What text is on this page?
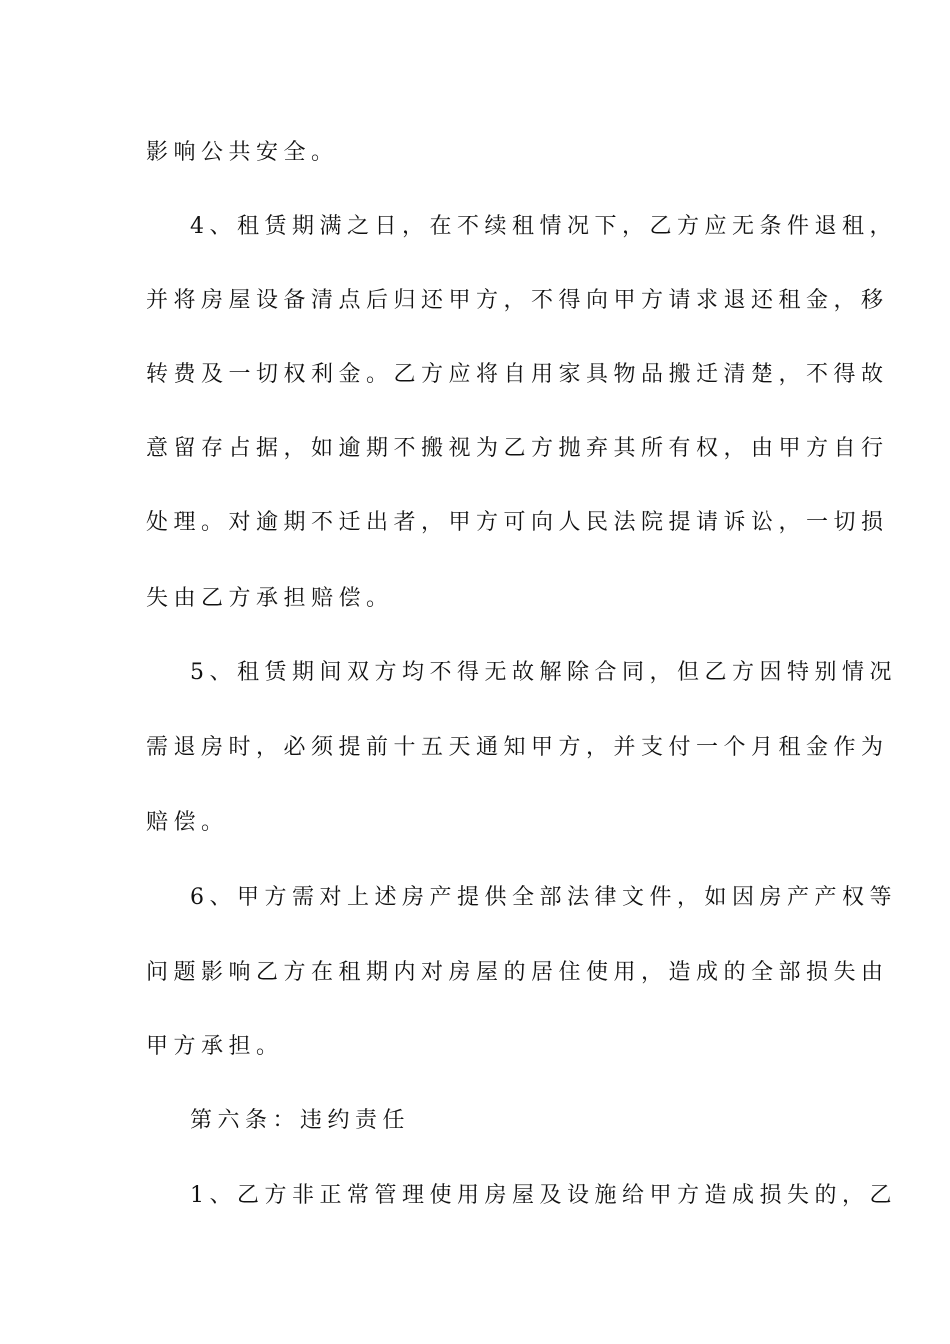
影响公共安全。
4、租赁期满之日，在不续租情况下，乙方应无条件退租，
并将房屋设备清点后归还甲方，不得向甲方请求退还租金，移
转费及一切权利金。乙方应将自用家具物品搬迁清楚，不得故
意留存占据，如逾期不搬视为乙方抛弃其所有权，由甲方自行
处理。对逾期不迁出者，甲方可向人民法院提请诉讼，一切损
失由乙方承担赔偿。
5、租赁期间双方均不得无故解除合同，但乙方因特别情况
需退房时，必须提前十五天通知甲方，并支付一个月租金作为
赔偿。
6、甲方需对上述房产提供全部法律文件，如因房产产权等
问题影响乙方在租期内对房屋的居住使用，造成的全部损失由
甲方承担。
第六条：违约责任
1、乙方非正常管理使用房屋及设施给甲方造成损失的，乙
